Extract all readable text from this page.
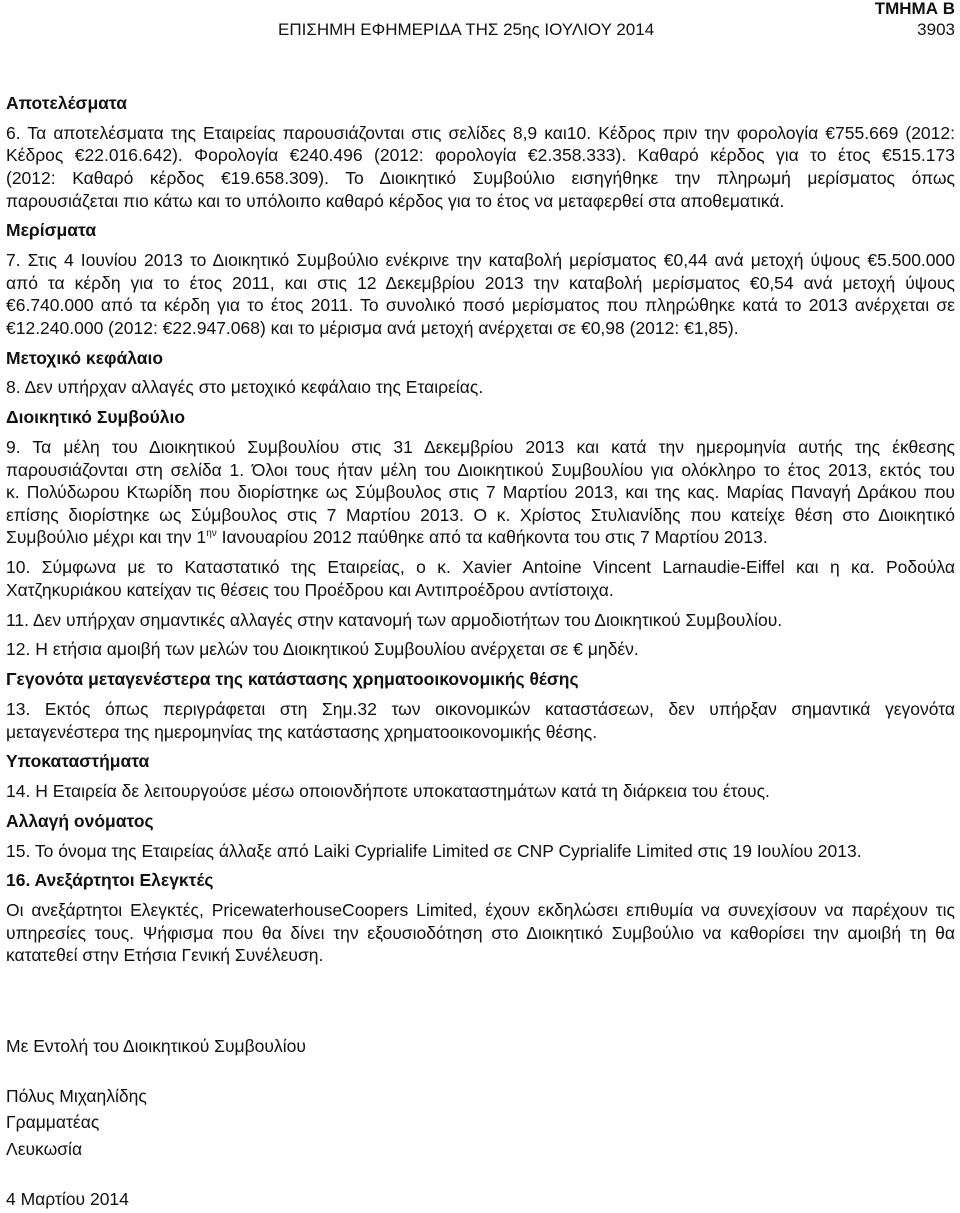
ΤΜΗΜΑ Β
ΕΠΙΣΗΜΗ ΕΦΗΜΕΡΙΔΑ ΤΗΣ 25ης ΙΟΥΛΙΟΥ 2014	3903
Αποτελέσματα
6. Τα αποτελέσματα της Εταιρείας παρουσιάζονται στις σελίδες 8,9 και10. Κέδρος πριν την φορολογία €755.669 (2012:
Κέδρος €22.016.642). Φορολογία €240.496 (2012: φορολογία €2.358.333). Καθαρό κέρδος για το έτος €515.173
(2012: Καθαρό κέρδος €19.658.309). Το Διοικητικό Συμβούλιο εισηγήθηκε την πληρωμή μερίσματος όπως
παρουσιάζεται πιο κάτω και το υπόλοιπο καθαρό κέρδος για το έτος να μεταφερθεί στα αποθεματικά.
Μερίσματα
7. Στις 4 Ιουνίου 2013 το Διοικητικό Συμβούλιο ενέκρινε την καταβολή μερίσματος €0,44 ανά μετοχή ύψους €5.500.000
από τα κέρδη για το έτος 2011, και στις 12 Δεκεμβρίου 2013 την καταβολή μερίσματος €0,54 ανά μετοχή ύψους
€6.740.000 από τα κέρδη για το έτος 2011. Το συνολικό ποσό μερίσματος που πληρώθηκε κατά το 2013 ανέρχεται σε
€12.240.000 (2012: €22.947.068) και το μέρισμα ανά μετοχή ανέρχεται σε €0,98 (2012: €1,85).
Μετοχικό κεφάλαιο
8. Δεν υπήρχαν αλλαγές στο μετοχικό κεφάλαιο της Εταιρείας.
Διοικητικό Συμβούλιο
9. Τα μέλη του Διοικητικού Συμβουλίου στις 31 Δεκεμβρίου 2013 και κατά την ημερομηνία αυτής της έκθεσης
παρουσιάζονται στη σελίδα 1. Όλοι τους ήταν μέλη του Διοικητικού Συμβουλίου για ολόκληρο το έτος 2013, εκτός του
κ. Πολύδωρου Κτωρίδη που διορίστηκε ως Σύμβουλος στις 7 Μαρτίου 2013, και της κας. Μαρίας Παναγή Δράκου που
επίσης διορίστηκε ως Σύμβουλος στις 7 Μαρτίου 2013. Ο κ. Χρίστος Στυλιανίδης που κατείχε θέση στο Διοικητικό
Συμβούλιο μέχρι και την $1^{\eta\nu}$ Ιανουαρίου 2012 παύθηκε από τα καθήκοντα του στις 7 Μαρτίου 2013.
10. Σύμφωνα με το Καταστατικό της Εταιρείας, ο κ. Xavier Antoine Vincent Larnaudie-Eiffel και η κα. Ροδούλα
Χατζηκυριάκου κατείχαν τις θέσεις του Προέδρου και Αντιπροέδρου αντίστοιχα.
11. Δεν υπήρχαν σημαντικές αλλαγές στην κατανομή των αρμοδιοτήτων του Διοικητικού Συμβουλίου.
12. Η ετήσια αμοιβή των μελών του Διοικητικού Συμβουλίου ανέρχεται σε € μηδέν.
Γεγονότα μεταγενέστερα της κατάστασης χρηματοοικονομικής θέσης
13. Εκτός όπως περιγράφεται στη Σημ.32 των οικονομικών καταστάσεων, δεν υπήρξαν σημαντικά γεγονότα
μεταγενέστερα της ημερομηνίας της κατάστασης χρηματοοικονομικής θέσης.
Υποκαταστήματα
14. Η Εταιρεία δε λειτουργούσε μέσω οποιονδήποτε υποκαταστημάτων κατά τη διάρκεια του έτους.
Αλλαγή ονόματος
15. Το όνομα της Εταιρείας άλλαξε από Laiki Cyprialife Limited σε CNP Cyprialife Limited στις 19 Ιουλίου 2013.
16. Ανεξάρτητοι Ελεγκτές
Οι ανεξάρτητοι Ελεγκτές, PricewaterhouseCoopers Limited, έχουν εκδηλώσει επιθυμία να συνεχίσουν να παρέχουν τις
υπηρεσίες τους. Ψήφισμα που θα δίνει την εξουσιοδότηση στο Διοικητικό Συμβούλιο να καθορίσει την αμοιβή τη θα
κατατεθεί στην Ετήσια Γενική Συνέλευση.
Με Εντολή του Διοικητικού Συμβουλίου
Πόλυς Μιχαηλίδης
Γραμματέας
Λευκωσία
4 Μαρτίου 2014
